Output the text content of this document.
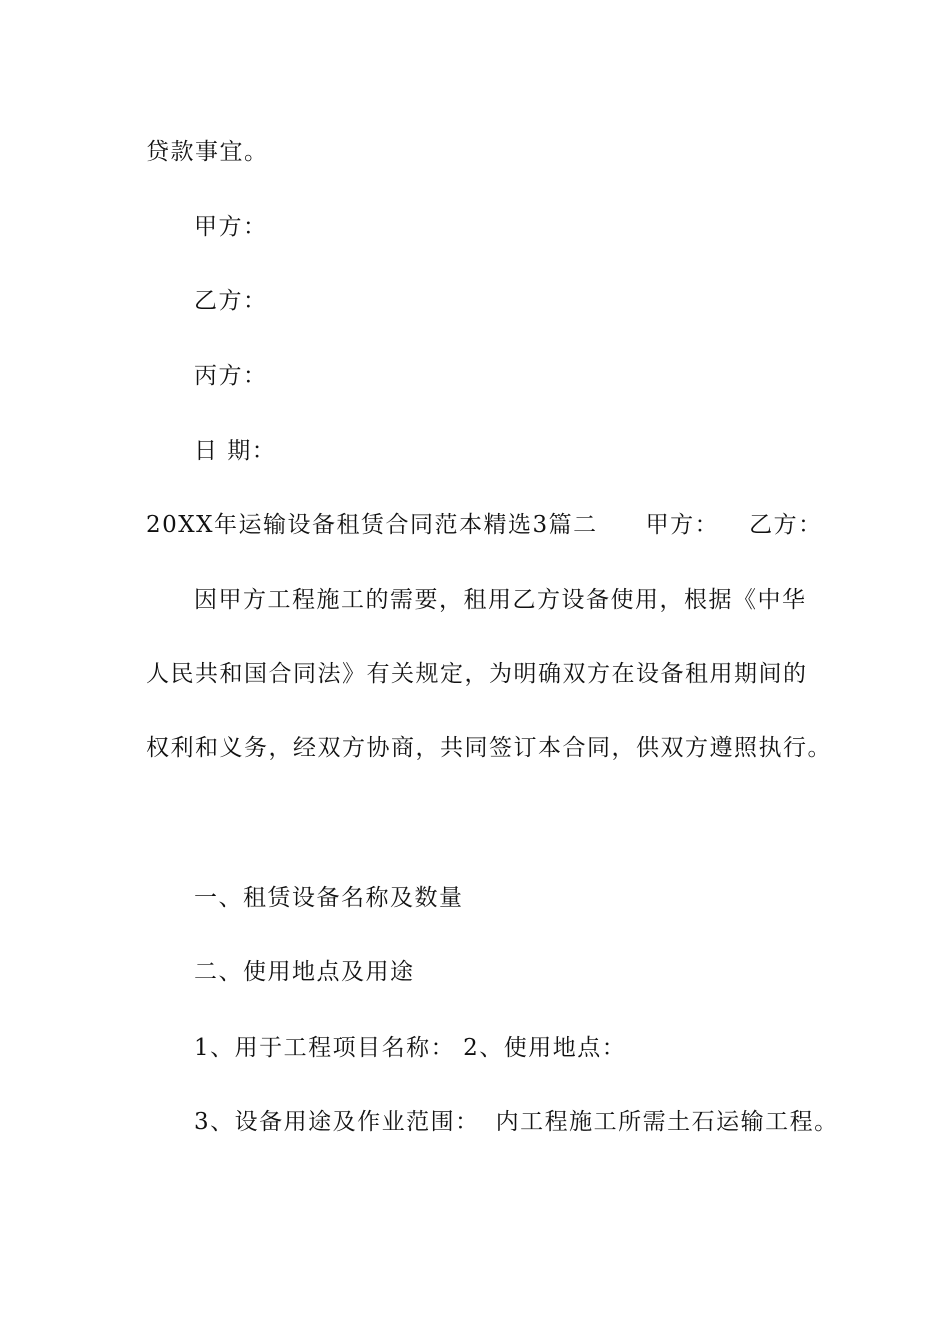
贷款事宜。
甲方：
乙方：
丙方：
日 期：
20XX年运输设备租赁合同范本精选3篇二 甲方： 乙方：
因甲方工程施工的需要，租用乙方设备使用，根据《中华
人民共和国合同法》有关规定，为明确双方在设备租用期间的
权利和义务，经双方协商，共同签订本合同，供双方遵照执行。
一、租赁设备名称及数量
二、使用地点及用途
1、用于工程项目名称： 2、使用地点：
3、设备用途及作业范围： 内工程施工所需土石运输工程。
